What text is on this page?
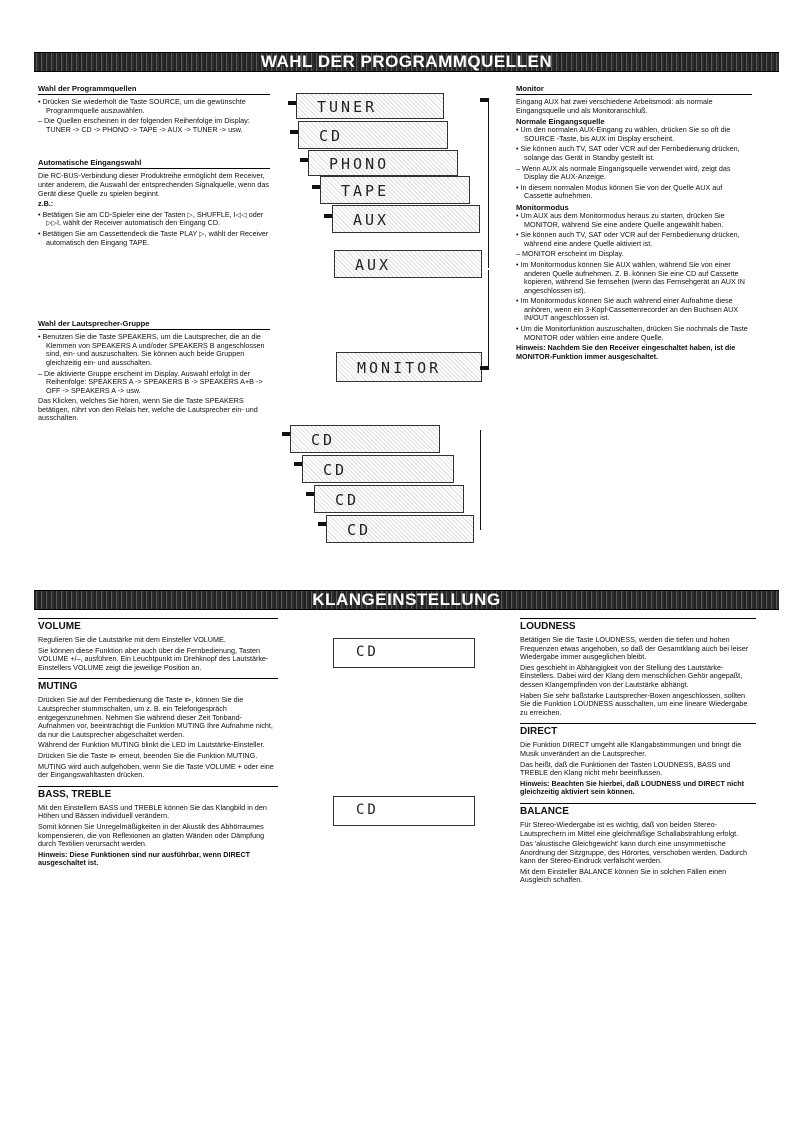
WAHL DER PROGRAMMQUELLEN
Wahl der Programmquellen
• Drücken Sie wiederholt die Taste SOURCE, um die gewünschte Programmquelle auszuwählen.
– Die Quellen erscheinen in der folgenden Reihenfolge im Display: TUNER -> CD -> PHONO -> TAPE -> AUX -> TUNER -> usw.
Automatische Eingangswahl

Die RC-BUS-Verbindung dieser Produktreihe ermöglicht dem Receiver, unter anderem, die Auswahl der entsprechenden Signalquelle, wenn das Gerät diese Quelle zu spielen beginnt.

z.B.:

• Betätigen Sie am CD-Spieler eine der Tasten ▷, SHUFFLE, I◁◁ oder ▷▷I, wählt der Receiver automatisch den Eingang CD.
• Betätigen Sie am Cassettendeck die Taste PLAY ▷, wählt der Receiver automatisch den Eingang TAPE.
Wahl der Lautsprecher-Gruppe
• Benutzen Sie die Taste SPEAKERS, um die Lautsprecher, die an die Klemmen von SPEAKERS A und/oder SPEAKERS B angeschlossen sind, ein- und auszuschalten. Sie können auch beide Gruppen gleichzeitig ein- und ausschalten.
– Die aktivierte Gruppe erscheint im Display. Auswahl erfolgt in der Reihenfolge: SPEAKERS A -> SPEAKERS B -> SPEAKERS A+B -> OFF -> SPEAKERS A -> usw.

Das Klicken, welches Sie hören, wenn Sie die Taste SPEAKERS betätigen, rührt von den Relais her, welche die Lautsprecher ein- und ausschalten.

TUNER
CD
PHONO
TAPE
AUX
AUX
MONITOR
CD
CD
CD
CD
Monitor

Eingang AUX hat zwei verschiedene Arbeitsmodi: als normale Eingangsquelle und als Monitoranschluß.

Normale Eingangsquelle
• Um den normalen AUX-Eingang zu wählen, drücken Sie so oft die SOURCE -Taste, bis AUX im Display erscheint.
• Sie können auch TV, SAT oder VCR auf der Fernbedienung drücken, solange das Gerät in Standby gestellt ist.
– Wenn AUX als normale Eingangsquelle verwendet wird, zeigt das Display die AUX-Anzeige.
• In diesem normalen Modus können Sie von der Quelle AUX auf Cassette aufnehmen.
Monitormodus
• Um AUX aus dem Monitormodus heraus zu starten, drücken Sie MONITOR, während Sie eine andere Quelle angewählt haben.
• Sie können auch TV, SAT oder VCR auf der Fernbedienung drücken, während eine andere Quelle aktiviert ist.
– MONITOR erscheint im Display.
• Im Monitormodus können Sie AUX wählen, während Sie von einer anderen Quelle aufnehmen. Z. B. können Sie eine CD auf Cassette kopieren, während Sie fernsehen (wenn das Fernsehgerät an AUX IN angeschlossen ist).
• Im Monitormodus können Sie auch während einer Aufnahme diese anhören, wenn ein 3-Kopf-Cassettenrecorder an den Buchsen AUX IN/OUT angeschlossen ist.
• Um die Monitorfunktion auszuschalten, drücken Sie nochmals die Taste MONITOR oder wählen eine andere Quelle.

Hinweis: Nachdem Sie den Receiver eingeschaltet haben, ist die MONITOR-Funktion immer ausgeschaltet.

KLANGEINSTELLUNG
VOLUME

Regulieren Sie die Lautstärke mit dem Einsteller VOLUME.

Sie können diese Funktion aber auch über die Fernbedienung, Tasten VOLUME +/–, ausführen. Ein Leuchtpunkt im Drehknopf des Lautstärke-Einstellers VOLUME zeigt die jeweilige Position an.

MUTING

Drücken Sie auf der Fernbedienung die Taste ⧐, können Sie die Lautsprecher stummschalten, um z. B. ein Telefongespräch entgegenzunehmen. Nehmen Sie während dieser Zeit Tonband-Aufnahmen vor, beeinträchtigt die Funktion MUTING Ihre Aufnahme nicht, da nur die Lautsprecher abgeschaltet werden.

Während der Funktion MUTING blinkt die LED im Lautstärke-Einsteller.

Drücken Sie die Taste ⧐ erneut, beenden Sie die Funktion MUTING.

MUTING wird auch aufgehoben, wenn Sie die Taste VOLUME + oder eine der Eingangswahltasten drücken.

BASS, TREBLE

Mit den Einstellern BASS und TREBLE können Sie das Klangbild in den Höhen und Bässen individuell verändern.

Somit können Sie Unregelmäßigkeiten in der Akustik des Abhörraumes kompensieren, die von Reflexionen an glatten Wänden oder Dämpfung durch Textilien verursacht werden.

Hinweis: Diese Funktionen sind nur ausführbar, wenn DIRECT ausgeschaltet ist.

CD
CD
LOUDNESS

Betätigen Sie die Taste LOUDNESS, werden die tiefen und hohen Frequenzen etwas angehoben, so daß der Gesamtklang auch bei leiser Wiedergabe immer ausgeglichen bleibt.

Dies geschieht in Abhängigkeit von der Stellung des Lautstärke-Einstellers. Dabei wird der Klang dem menschlichen Gehör angepaßt, dessen Klangempfinden von der Lautstärke abhängt.

Haben Sie sehr baßstarke Lautsprecher-Boxen angeschlossen, sollten Sie die Funktion LOUDNESS ausschalten, um eine lineare Wiedergabe zu erreichen.

DIRECT

Die Funktion DIRECT umgeht alle Klangabstimmungen und bringt die Musik unverändert an die Lautsprecher.

Das heißt, daß die Funktionen der Tasten LOUDNESS, BASS und TREBLE den Klang nicht mehr beeinflussen.

Hinweis: Beachten Sie hierbei, daß LOUDNESS und DIRECT nicht gleichzeitig aktiviert sein können.

BALANCE

Für Stereo-Wiedergabe ist es wichtig, daß von beiden Stereo-Lautsprechern im Mittel eine gleichmäßige Schallabstrahlung erfolgt.

Das 'akustische Gleichgewicht' kann durch eine unsymmetrische Anordnung der Sitzgruppe, des Hörortes, verschoben werden. Dadurch kann der Stereo-Eindruck verfälscht werden.

Mit dem Einsteller BALANCE können Sie in solchen Fällen einen Ausgleich schaffen.
